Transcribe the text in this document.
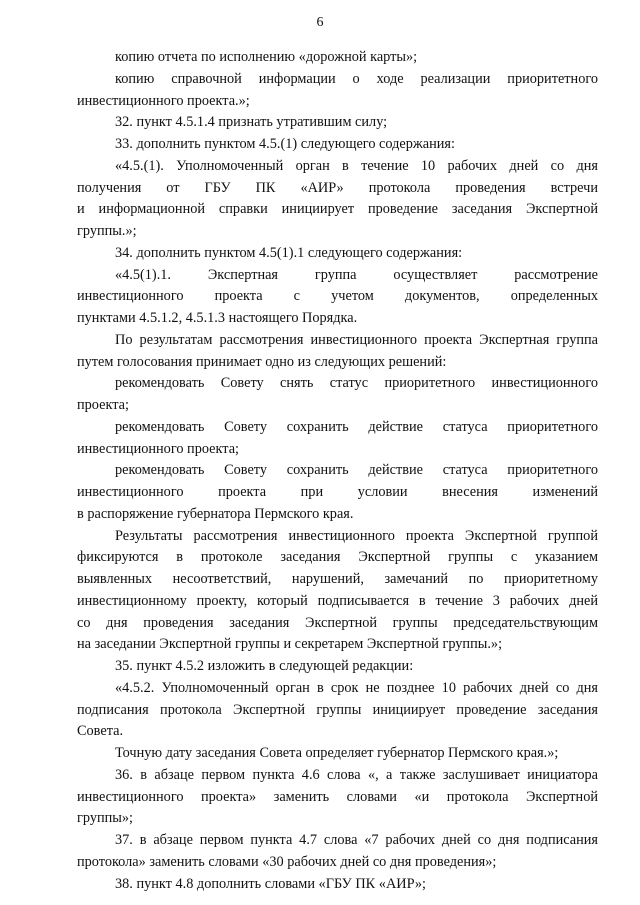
6
копию отчета по исполнению «дорожной карты»;
копию справочной информации о ходе реализации приоритетного
инвестиционного проекта.»;
32. пункт 4.5.1.4 признать утратившим силу;
33. дополнить пунктом 4.5.(1) следующего содержания:
«4.5.(1). Уполномоченный орган в течение 10 рабочих дней со дня
получения от ГБУ ПК «АИР» протокола проведения встречи
и информационной справки инициирует проведение заседания Экспертной
группы.»;
34. дополнить пунктом 4.5(1).1 следующего содержания:
«4.5(1).1. Экспертная группа осуществляет рассмотрение
инвестиционного проекта с учетом документов, определенных
пунктами 4.5.1.2, 4.5.1.3 настоящего Порядка.
По результатам рассмотрения инвестиционного проекта Экспертная группа
путем голосования принимает одно из следующих решений:
рекомендовать Совету снять статус приоритетного инвестиционного
проекта;
рекомендовать Совету сохранить действие статуса приоритетного
инвестиционного проекта;
рекомендовать Совету сохранить действие статуса приоритетного
инвестиционного проекта при условии внесения изменений
в распоряжение губернатора Пермского края.
Результаты рассмотрения инвестиционного проекта Экспертной группой
фиксируются в протоколе заседания Экспертной группы с указанием
выявленных несоответствий, нарушений, замечаний по приоритетному
инвестиционному проекту, который подписывается в течение 3 рабочих дней
со дня проведения заседания Экспертной группы председательствующим
на заседании Экспертной группы и секретарем Экспертной группы.»;
35. пункт 4.5.2 изложить в следующей редакции:
«4.5.2. Уполномоченный орган в срок не позднее 10 рабочих дней со дня
подписания протокола Экспертной группы инициирует проведение заседания
Совета.
Точную дату заседания Совета определяет губернатор Пермского края.»;
36. в абзаце первом пункта 4.6 слова «, а также заслушивает инициатора
инвестиционного проекта» заменить словами «и протокола Экспертной
группы»;
37. в абзаце первом пункта 4.7 слова «7 рабочих дней со дня подписания
протокола» заменить словами «30 рабочих дней со дня проведения»;
38. пункт 4.8 дополнить словами «ГБУ ПК «АИР»;
